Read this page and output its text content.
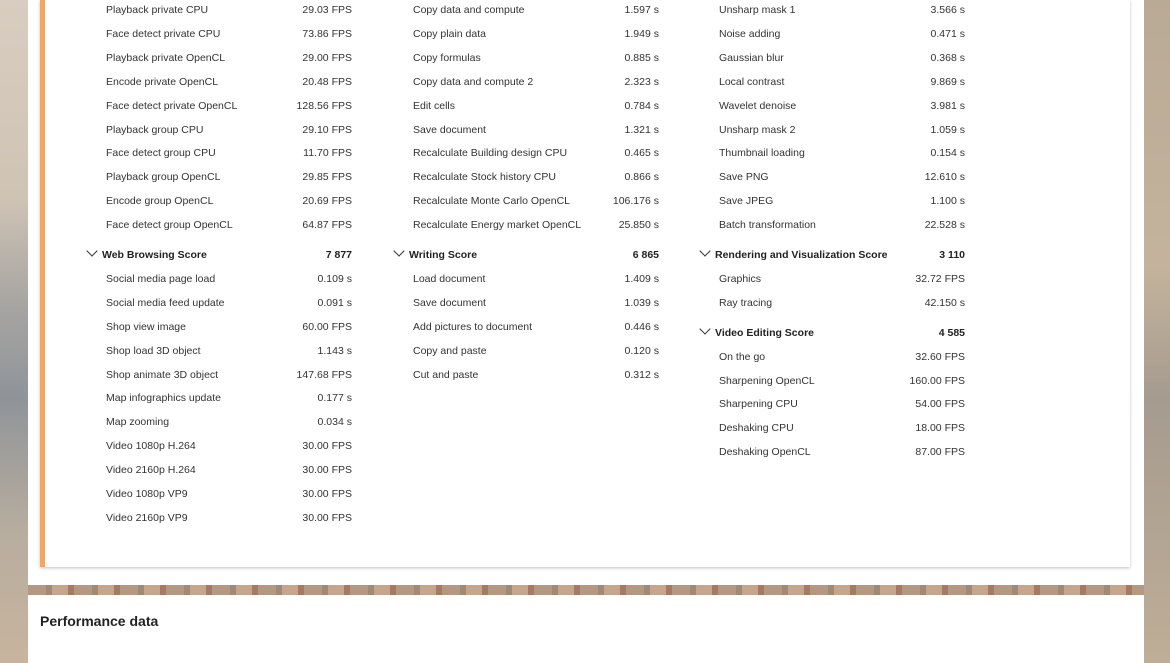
Playback private CPU	29.03 FPS
Face detect private CPU	73.86 FPS
Playback private OpenCL	29.00 FPS
Encode private OpenCL	20.48 FPS
Face detect private OpenCL	128.56 FPS
Playback group CPU	29.10 FPS
Face detect group CPU	11.70 FPS
Playback group OpenCL	29.85 FPS
Encode group OpenCL	20.69 FPS
Face detect group OpenCL	64.87 FPS
Web Browsing Score	7 877
Social media page load	0.109 s
Social media feed update	0.091 s
Shop view image	60.00 FPS
Shop load 3D object	1.143 s
Shop animate 3D object	147.68 FPS
Map infographics update	0.177 s
Map zooming	0.034 s
Video 1080p H.264	30.00 FPS
Video 2160p H.264	30.00 FPS
Video 1080p VP9	30.00 FPS
Video 2160p VP9	30.00 FPS
Copy data and compute	1.597 s
Copy plain data	1.949 s
Copy formulas	0.885 s
Copy data and compute 2	2.323 s
Edit cells	0.784 s
Save document	1.321 s
Recalculate Building design CPU	0.465 s
Recalculate Stock history CPU	0.866 s
Recalculate Monte Carlo OpenCL	106.176 s
Recalculate Energy market OpenCL	25.850 s
Writing Score	6 865
Load document	1.409 s
Save document	1.039 s
Add pictures to document	0.446 s
Copy and paste	0.120 s
Cut and paste	0.312 s
Unsharp mask 1	3.566 s
Noise adding	0.471 s
Gaussian blur	0.368 s
Local contrast	9.869 s
Wavelet denoise	3.981 s
Unsharp mask 2	1.059 s
Thumbnail loading	0.154 s
Save PNG	12.610 s
Save JPEG	1.100 s
Batch transformation	22.528 s
Rendering and Visualization Score	3 110
Graphics	32.72 FPS
Ray tracing	42.150 s
Video Editing Score	4 585
On the go	32.60 FPS
Sharpening OpenCL	160.00 FPS
Sharpening CPU	54.00 FPS
Deshaking CPU	18.00 FPS
Deshaking OpenCL	87.00 FPS
Performance data
